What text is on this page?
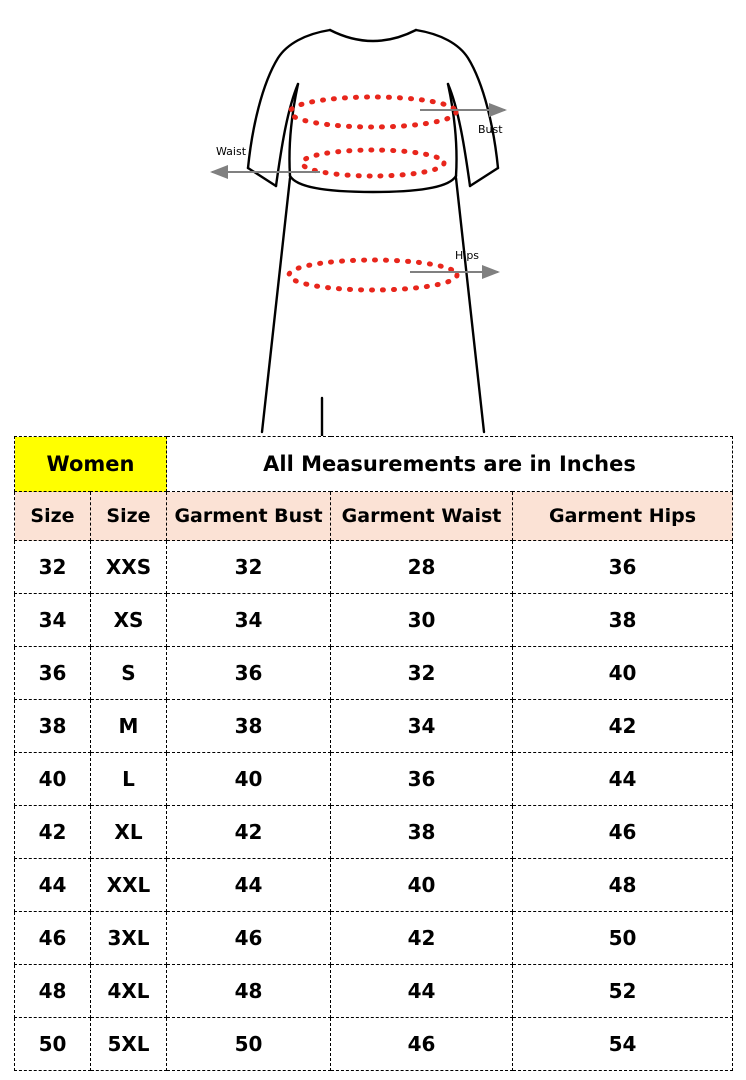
Bust
Waist
Hips
Women		All Measurements are in Inches		
Size	Size	Garment Bust	Garment Waist	Garment Hips
32	XXS	32	28	36
34	XS	34	30	38
36	S	36	32	40
38	M	38	34	42
40	L	40	36	44
42	XL	42	38	46
44	XXL	44	40	48
46	3XL	46	42	50
48	4XL	48	44	52
50	5XL	50	46	54
